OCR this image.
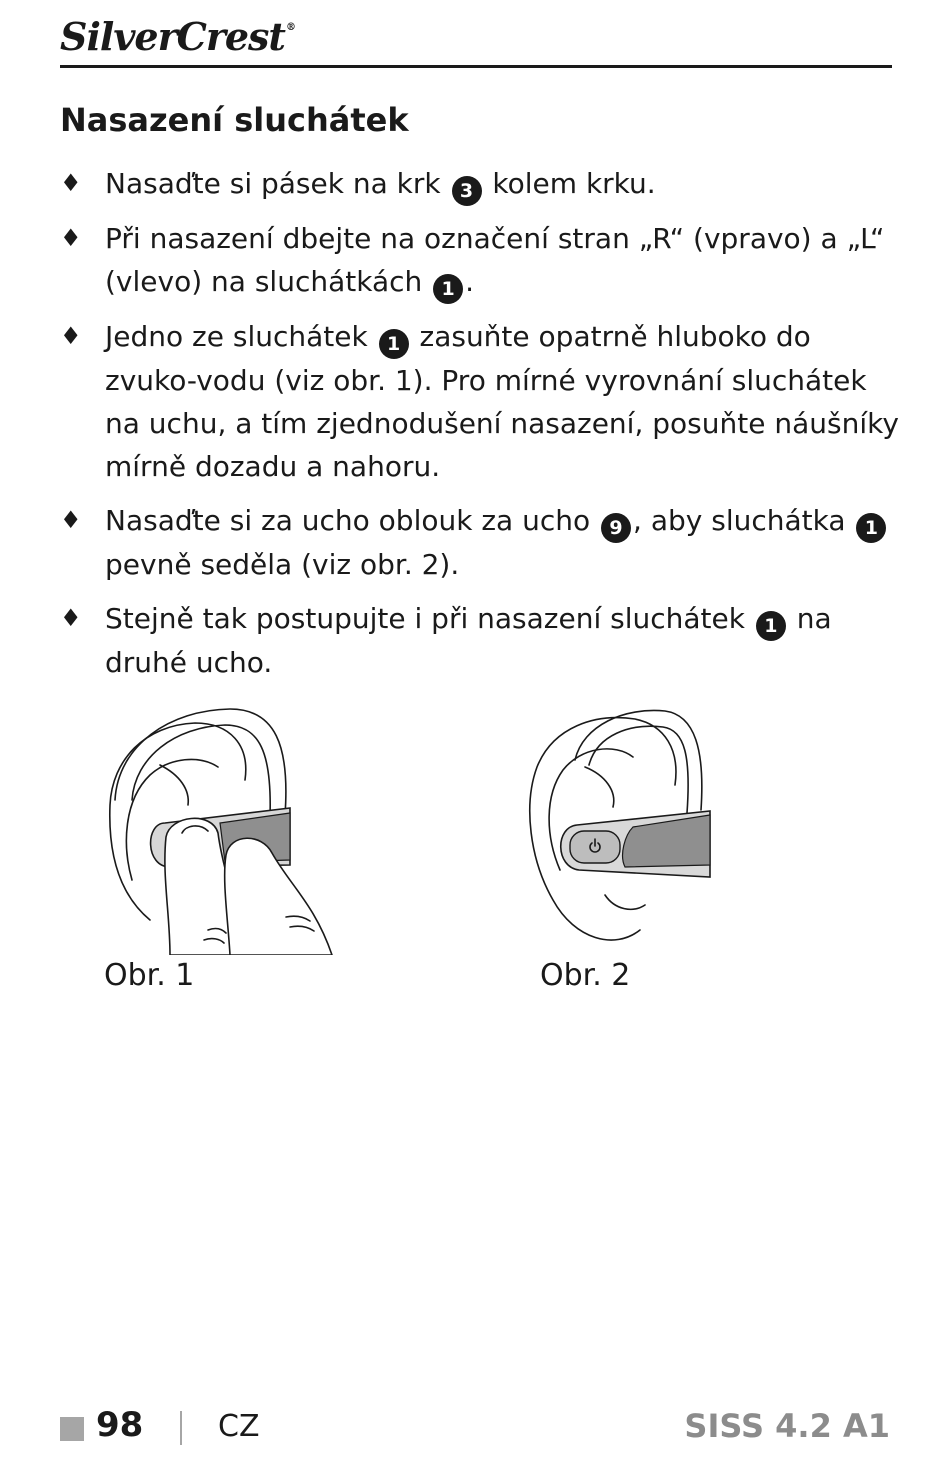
SilverCrest®
Nasazení sluchátek
♦ Nasaďte si pásek na krk 3 kolem krku.
♦ Při nasazení dbejte na označení stran „R“ (vpravo) a „L“ (vlevo) na sluchátkách 1 .
♦ Jedno ze sluchátek 1 zasuňte opatrně hluboko do zvuko-vodu (viz obr. 1). Pro mírné vyrovnání sluchátek na uchu, a tím zjednodušení nasazení, posuňte náušníky mírně dozadu a nahoru.
♦ Nasaďte si za ucho oblouk za ucho 9 , aby sluchátka 1 pevně seděla (viz obr. 2).
♦ Stejně tak postupujte i při nasazení sluchátek 1 na druhé ucho.
Obr. 1	Obr. 2
98 CZ	SISS 4.2 A1
